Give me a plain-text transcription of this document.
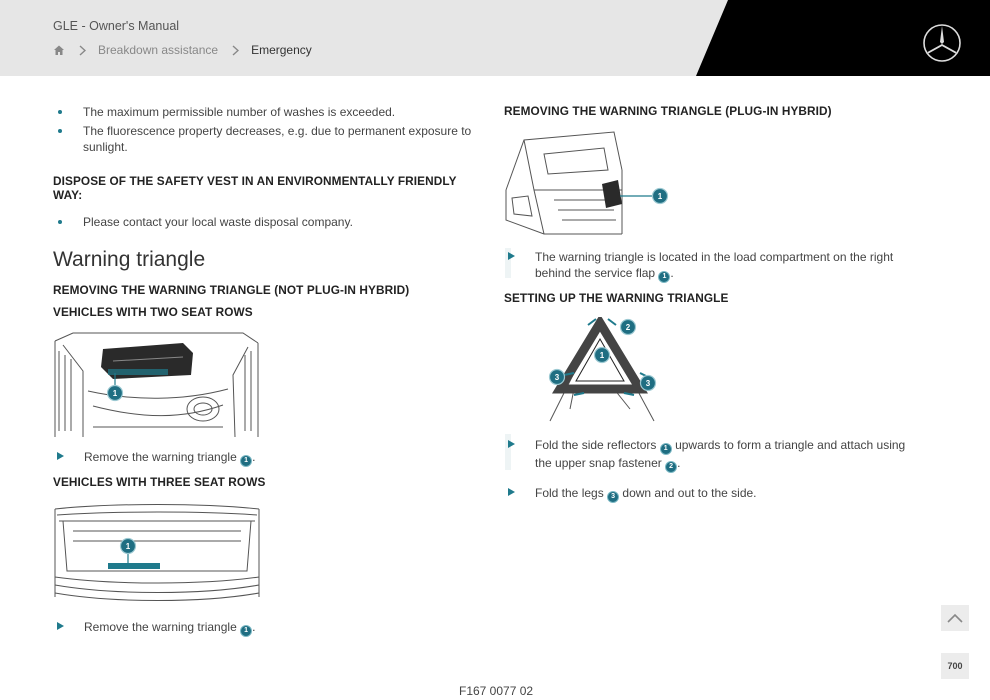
GLE - Owner's Manual
Breakdown assistance	Emergency
The maximum permissible number of washes is exceeded.
The fluorescence property decreases, e.g. due to permanent exposure to sunlight.
DISPOSE OF THE SAFETY VEST IN AN ENVIRONMENTALLY FRIENDLY WAY:
Please contact your local waste disposal company.
Warning triangle
REMOVING THE WARNING TRIANGLE (NOT PLUG-IN HYBRID)
VEHICLES WITH TWO SEAT ROWS
1
Remove the warning triangle 1 .
VEHICLES WITH THREE SEAT ROWS
1
Remove the warning triangle 1 .
REMOVING THE WARNING TRIANGLE (PLUG-IN HYBRID)
1
The warning triangle is located in the load compartment on the right behind the service flap 1 .
SETTING UP THE WARNING TRIANGLE
1
2
3
3
Fold the side reflectors 1 upwards to form a triangle and attach using the upper snap fastener 2 .
Fold the legs 3 down and out to the side.
700
F167 0077 02
